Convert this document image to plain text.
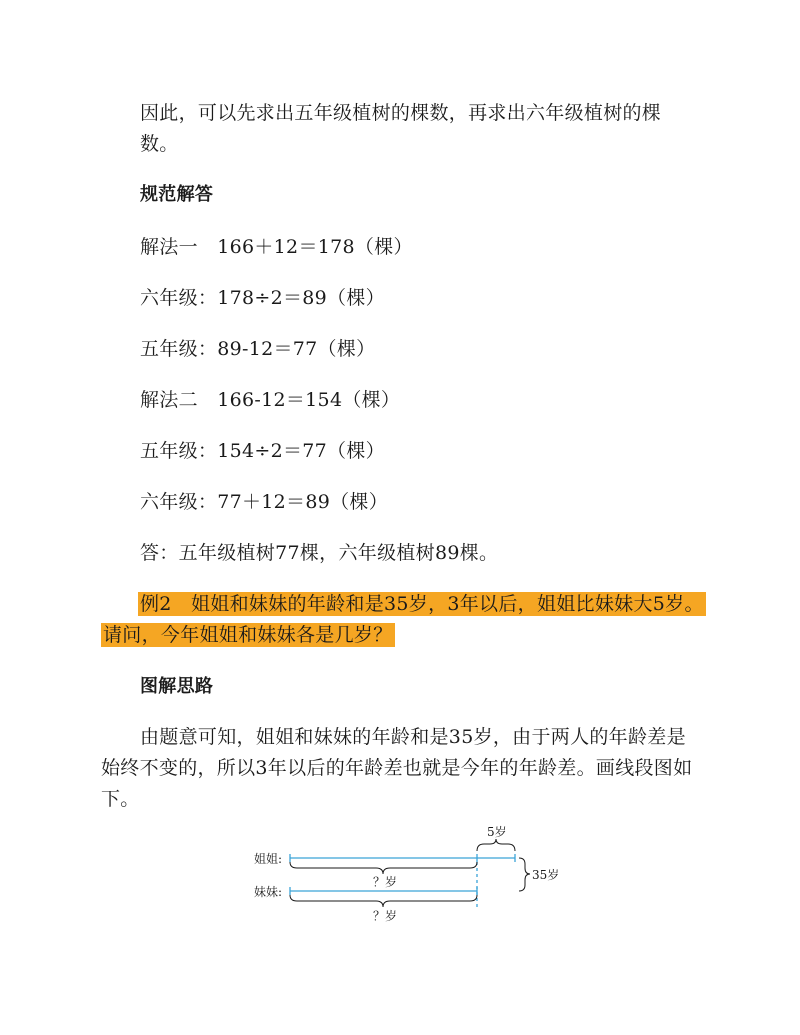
因此，可以先求出五年级植树的棵数，再求出六年级植树的棵
数。
规范解答
解法一　166＋12＝178（棵）
六年级：178÷2＝89（棵）
五年级：89-12＝77（棵）
解法二　166-12＝154（棵）
五年级：154÷2＝77（棵）
六年级：77＋12＝89（棵）
答：五年级植树77棵，六年级植树89棵。
例2　姐姐和妹妹的年龄和是35岁，3年以后，姐姐比妹妹大5岁。
请问，今年姐姐和妹妹各是几岁？
图解思路
由题意可知，姐姐和妹妹的年龄和是35岁，由于两人的年龄差是
始终不变的，所以3年以后的年龄差也就是今年的年龄差。画线段图如
下。
姐姐:
妹妹:
5岁
35岁
？岁
？岁
